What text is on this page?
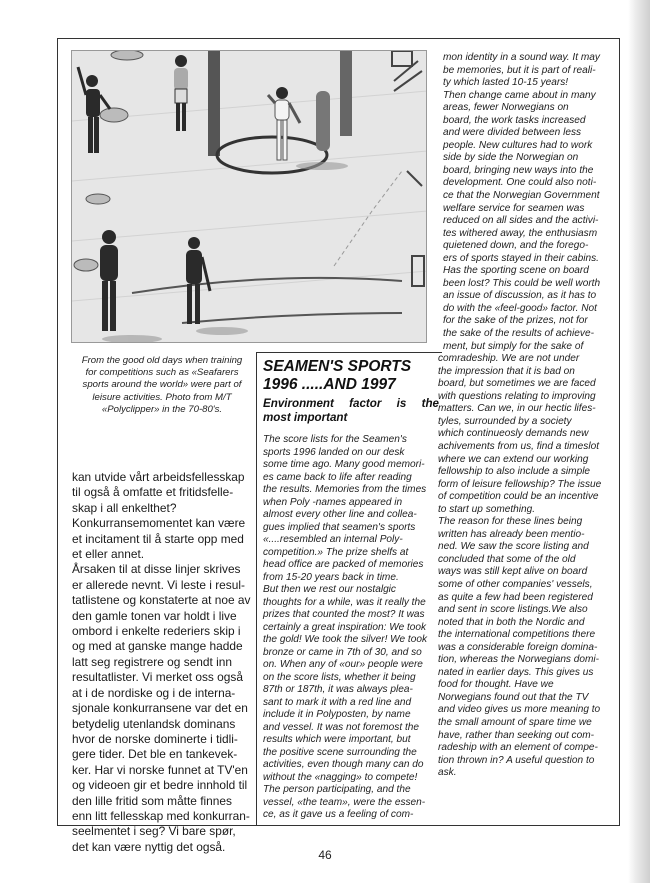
From the good old days when training
for competitions such as «Seafarers
sports around the world» were part of
leisure activities. Photo from M/T
«Polyclipper» in the 70-80's.
SEAMEN'S SPORTS
1996 .....AND 1997
Environment factor is the
most important
The score lists for the Seamen's
sports 1996 landed on our desk
some time ago. Many good memori-
es came back to life after reading
the results. Memories from the times
when Poly -names appeared in
almost every other line and collea-
gues implied that seamen's sports
«....resembled an internal Poly-
competition.» The prize shelfs at
head office are packed of memories
from 15-20 years back in time.
But then we rest our nostalgic
thoughts for a while, was it really the
prizes that counted the most? It was
certainly a great inspiration: We took
the gold! We took the silver! We took
bronze or came in 7th of 30, and so
on. When any of «our» people were
on the score lists, whether it being
87th or 187th, it was always plea-
sant to mark it with a red line and
include it in Polyposten, by name
and vessel. It was not foremost the
results which were important, but
the positive scene surrounding the
activities, even though many can do
without the «nagging» to compete!
The person participating, and the
vessel, «the team», were the essen-
ce, as it gave us a feeling of com-
mon identity in a sound way. It may
be memories, but it is part of reali-
ty which lasted 10-15 years!
Then change came about in many
areas, fewer Norwegians on
board, the work tasks increased
and were divided between less
people. New cultures had to work
side by side the Norwegian on
board, bringing new ways into the
development. One could also noti-
ce that the Norwegian Government
welfare service for seamen was
reduced on all sides and the activi-
tes withered away, the enthusiasm
quietened down, and the forego-
ers of sports stayed in their cabins.
Has the sporting scene on board
been lost? This could be well worth
an issue of discussion, as it has to
do with the «feel-good» factor. Not
for the sake of the prizes, not for
the sake of the results of achieve-
ment, but simply for the sake of
comradeship. We are not under
the impression that it is bad on
board, but sometimes we are faced
with questions relating to improving
matters. Can we, in our hectic lifes-
tyles, surrounded by a society
which continueosly demands new
achivements from us, find a timeslot
where we can extend our working
fellowship to also include a simple
form of leisure fellowship? The issue
of competition could be an incentive
to start up something.
The reason for these lines being
written has already been mentio-
ned. We saw the score listing and
concluded that some of the old
ways was still kept alive on board
some of other companies' vessels,
as quite a few had been registered
and sent in score listings.We also
noted that in both the Nordic and
the international competitions there
was a considerable foreign domina-
tion, whereas the Norwegians domi-
nated in earlier days. This gives us
food for thought. Have we
Norwegians found out that the TV
and video gives us more meaning to
the small amount of spare time we
have, rather than seeking out com-
radeship with an element of compe-
tion thrown in? A useful question to
ask.
kan utvide vårt arbeidsfellesskap
til også å omfatte et fritidsfelle-
skap i all enkelthet?
Konkurransemomentet kan være
et incitament til å starte opp med
et eller annet.
Årsaken til at disse linjer skrives
er allerede nevnt. Vi leste i resul-
tatlistene og konstaterte at noe av
den gamle tonen var holdt i live
ombord i enkelte rederiers skip i
og med at ganske mange hadde
latt seg registrere og sendt inn
resultatlister. Vi merket oss også
at i de nordiske og i de interna-
sjonale konkurransene var det en
betydelig utenlandsk dominans
hvor de norske dominerte i tidli-
gere tider. Det ble en tankevek-
ker. Har vi norske funnet at TV'en
og videoen gir et bedre innhold til
den lille fritid som måtte finnes
enn litt fellesskap med konkurran-
seelmentet i seg? Vi bare spør,
det kan være nyttig det også.
46
